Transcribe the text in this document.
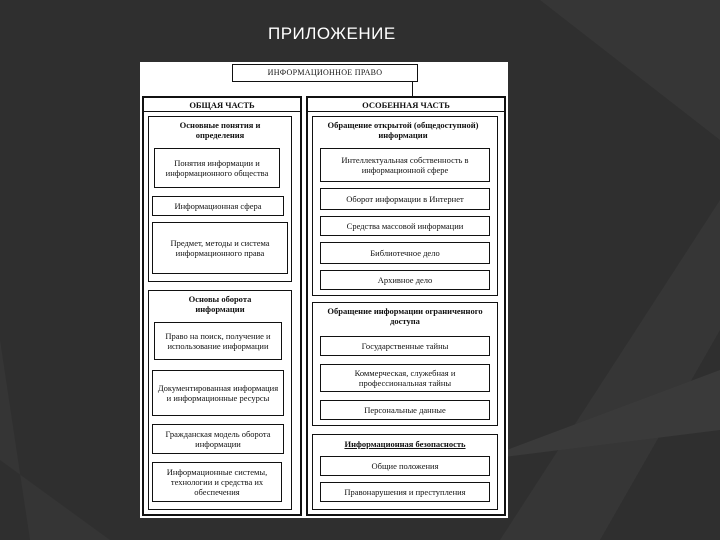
ПРИЛОЖЕНИЕ
ИНФОРМАЦИОННОЕ ПРАВО
ОБЩАЯ ЧАСТЬ
Основные понятия и определения
Понятия информации и информационного общества
Информационная сфера
Предмет, методы и система информационного права
Основы оборота информации
Право на поиск, получение и использование информации
Документированная информация и информационные ресурсы
Гражданская модель оборота информации
Информационные системы, технологии и средства их обеспечения
ОСОБЕННАЯ ЧАСТЬ
Обращение открытой (общедоступной) информации
Интеллектуальная собственность в информационной сфере
Оборот информации в Интернет
Средства массовой информации
Библиотечное дело
Архивное дело
Обращение информации ограниченного доступа
Государственные тайны
Коммерческая, служебная и профессиональная тайны
Персональные данные
Информационная безопасность
Общие положения
Правонарушения и преступления
